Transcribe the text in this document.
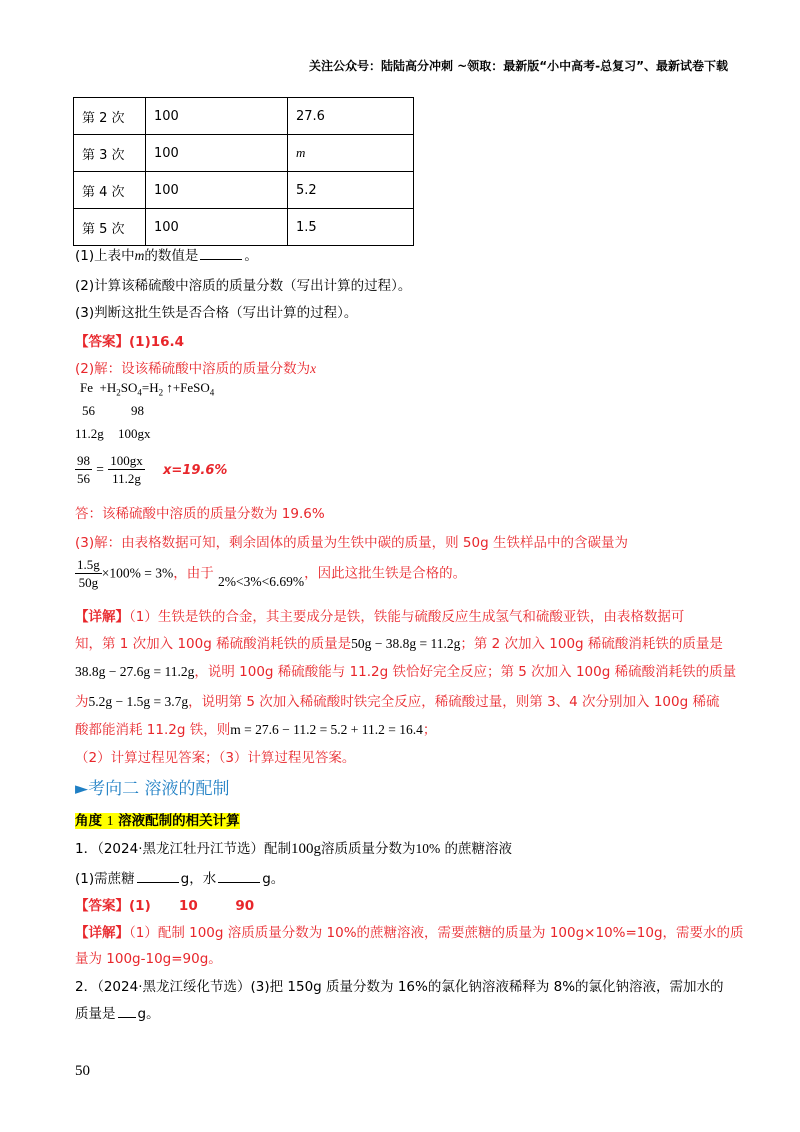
关注公众号：陆陆高分冲刺 ~领取：最新版“小中高考-总复习”、最新试卷下载
第 2 次	100	27.6
第 3 次	100	m
第 4 次	100	5.2
第 5 次	100	1.5
(1)上表中m的数值是	。
(2)计算该稀硫酸中溶质的质量分数（写出计算的过程）。
(3)判断这批生铁是否合格（写出计算的过程）。
【答案】(1)16.4
(2)解：设该稀硫酸中溶质的质量分数为x
$Fe +H_2SO_4=H_2$ ↑+FeSO$_4$
56	98
11.2g 100gx
$\frac{98}{56} = \frac{100gx}{11.2g} x=19.6\%$
答：该稀硫酸中溶质的质量分数为 19.6%
(3)解：由表格数据可知，剩余固体的质量为生铁中碳的质量，则 50g 生铁样品中的含碳量为
$\frac{1.5g}{50g} \times 100\% = 3\%$，由于 2%<3%<6.69%，因此这批生铁是合格的。
【详解】（1）生铁是铁的合金，其主要成分是铁，铁能与硫酸反应生成氢气和硫酸亚铁，由表格数据可
知，第 1 次加入 100g 稀硫酸消耗铁的质量是50g − 38.8g = 11.2g；第 2 次加入 100g 稀硫酸消耗铁的质量是
38.8g − 27.6g = 11.2g，说明 100g 稀硫酸能与 11.2g 铁恰好完全反应；第 5 次加入 100g 稀硫酸消耗铁的质量
为5.2g − 1.5g = 3.7g，说明第 5 次加入稀硫酸时铁完全反应，稀硫酸过量，则第 3、4 次分别加入 100g 稀硫
酸都能消耗 11.2g 铁，则m = 27.6 − 11.2 = 5.2 + 11.2 = 16.4；
（2）计算过程见答案；（3）计算过程见答案。
►考向二 溶液的配制
角度 1 溶液配制的相关计算
1．（2024·黑龙江牡丹江节选）配制100g溶质质量分数为10% 的蔗糖溶液
(1)需蔗糖	g，水	g。
【答案】(1)      10        90
【详解】（1）配制 100g 溶质质量分数为 10%的蔗糖溶液，需要蔗糖的质量为 100g×10%=10g，需要水的质
量为 100g-10g=90g。
2．（2024·黑龙江绥化节选）(3)把 150g 质量分数为 16%的氯化钠溶液稀释为 8%的氯化钠溶液，需加水的
质量是 g。
50
